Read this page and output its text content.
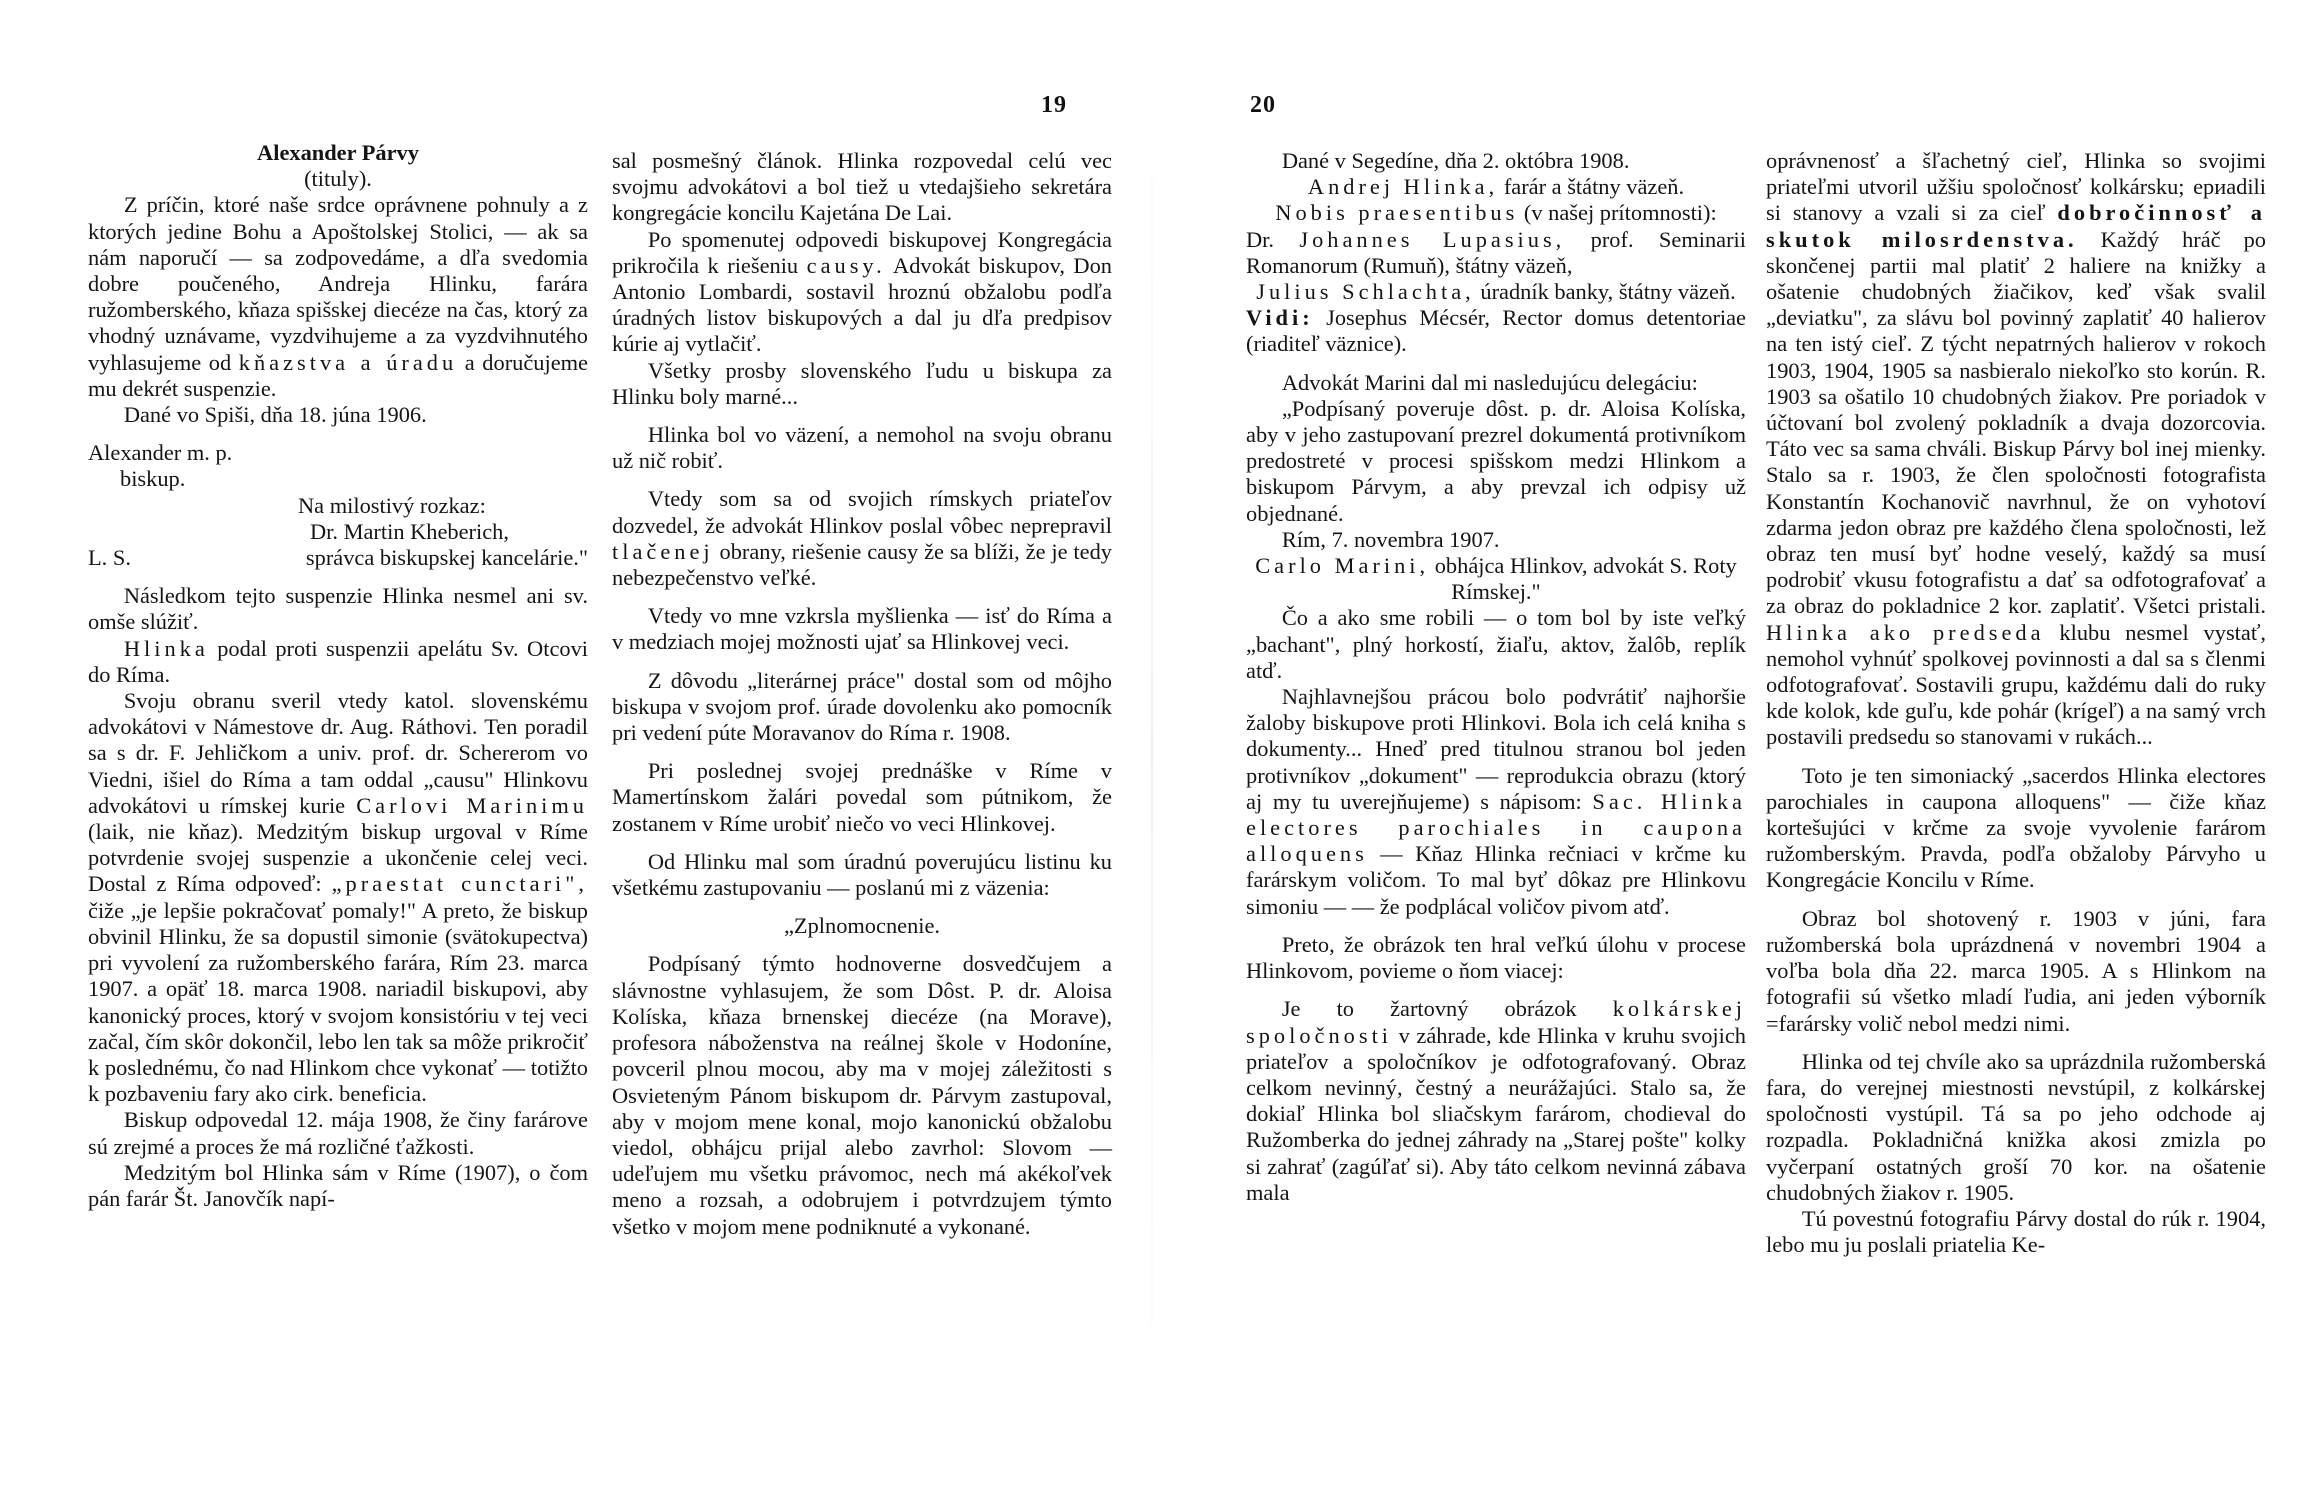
19	20

Alexander Párvy

(tituly).

Z príčin, ktoré naše srdce oprávnene pohnuly a z ktorých jedine Bohu a Apoštolskej Stolici, — ak sa nám naporučí — sa zodpovedáme, a dľa svedomia dobre poučeného, Andreja Hlinku, farára ružomberského, kňaza spišskej diecéze na čas, ktorý za vhodný uznávame, vyzdvihujeme a za vyzdvihnutého vyhlasujeme od kňazstva a úradu a doručujeme mu dekrét suspenzie.

Dané vo Spiši, dňa 18. júna 1906.

Alexander m. p.

biskup.

Na milostivý rozkaz:

Dr. Martin Kheberich,

L. S.	správca biskupskej kancelárie."

Následkom tejto suspenzie Hlinka nesmel ani sv. omše slúžiť.

Hlinka podal proti suspenzii apelátu Sv. Otcovi do Ríma.

Svoju obranu sveril vtedy katol. slovenskému advokátovi v Námestove dr. Aug. Ráthovi. Ten poradil sa s dr. F. Jehličkom a univ. prof. dr. Schererom vo Viedni, išiel do Ríma a tam oddal „causu" Hlinkovu advokátovi u rímskej kurie Carlovi Marinimu (laik, nie kňaz). Medzitým biskup urgoval v Ríme potvrdenie svojej suspenzie a ukončenie celej veci. Dostal z Ríma odpoveď: „praestat cunctari", čiže „je lepšie pokračovať pomaly!" A preto, že biskup obvinil Hlinku, že sa dopustil simonie (svätokupectva) pri vyvolení za ružomberského farára, Rím 23. marca 1907. a opäť 18. marca 1908. nariadil biskupovi, aby kanonický proces, ktorý v svojom konsistóriu v tej veci začal, čím skôr dokončil, lebo len tak sa môže prikročiť k poslednému, čo nad Hlinkom chce vykonať — totižto k pozbaveniu fary ako cirk. beneficia.

Biskup odpovedal 12. mája 1908, že činy farárove sú zrejmé a proces že má rozličné ťažkosti.

Medzitým bol Hlinka sám v Ríme (1907), o čom pán farár Št. Janovčík napí-

sal posmešný článok. Hlinka rozpovedal celú vec svojmu advokátovi a bol tiež u vtedajšieho sekretára kongregácie koncilu Kajetána De Lai.

Po spomenutej odpovedi biskupovej Kongregácia prikročila k riešeniu causy. Advokát biskupov, Don Antonio Lombardi, sostavil hroznú obžalobu podľa úradných listov biskupových a dal ju dľa predpisov kúrie aj vytlačiť.

Všetky prosby slovenského ľudu u biskupa za Hlinku boly marné...

Hlinka bol vo väzení, a nemohol na svoju obranu už nič robiť.

Vtedy som sa od svojich rímskych priateľov dozvedel, že advokát Hlinkov poslal vôbec neprepravil tlačenej obrany, riešenie causy že sa blíži, že je tedy nebezpečenstvo veľké.

Vtedy vo mne vzkrsla myšlienka — isť do Ríma a v medziach mojej možnosti ujať sa Hlinkovej veci.

Z dôvodu „literárnej práce" dostal som od môjho biskupa v svojom prof. úrade dovolenku ako pomocník pri vedení púte Moravanov do Ríma r. 1908.

Pri poslednej svojej prednáške v Ríme v Mamertínskom žalári povedal som pútnikom, že zostanem v Ríme urobiť niečo vo veci Hlinkovej.

Od Hlinku mal som úradnú poverujúcu listinu ku všetkému zastupovaniu — poslanú mi z väzenia:

„Zplnomocnenie.

Podpísaný týmto hodnoverne dosvedčujem a slávnostne vyhlasujem, že som Dôst. P. dr. Aloisa Kolíska, kňaza brnenskej diecéze (na Morave), profesora náboženstva na reálnej škole v Hodoníne, povceril plnou mocou, aby ma v mojej záležitosti s Osvieteným Pánom biskupom dr. Párvym zastupoval, aby v mojom mene konal, mojo kanonickú obžalobu viedol, obhájcu prijal alebo zavrhol: Slovom — udeľujem mu všetku právomoc, nech má akékoľvek meno a rozsah, a odobrujem i potvrdzujem týmto všetko v mojom mene podniknuté a vykonané.

Dané v Segedíne, dňa 2. októbra 1908.

Andrej Hlinka, farár a štátny väzeň.

Nobis praesentibus (v našej prítomnosti):

Dr. Johannes Lupasius, prof. Seminarii Romanorum (Rumuň), štátny väzeň,

Julius Schlachta, úradník banky, štátny väzeň.

Vidi: Josephus Mécsér, Rector domus detentoriae (riaditeľ väznice).

Advokát Marini dal mi nasledujúcu delegáciu:

„Podpísaný poveruje dôst. p. dr. Aloisa Kolíska, aby v jeho zastupovaní prezrel dokumentá protivníkom predostreté v procesi spišskom medzi Hlinkom a biskupom Párvym, a aby prevzal ich odpisy už objednané.

Rím, 7. novembra 1907.

Carlo Marini, obhájca Hlinkov, advokát S. Roty Rímskej."

Čo a ako sme robili — o tom bol by iste veľký „bachant", plný horkostí, žiaľu, aktov, žalôb, replík atď.

Najhlavnejšou prácou bolo podvrátiť najhoršie žaloby biskupove proti Hlinkovi. Bola ich celá kniha s dokumenty... Hneď pred titulnou stranou bol jeden protivníkov „dokument" — reprodukcia obrazu (ktorý aj my tu uverejňujeme) s nápisom: Sac. Hlinka electores parochiales in caupona alloquens — Kňaz Hlinka rečniaci v krčme ku farárskym voličom. To mal byť dôkaz pre Hlinkovu simoniu — — že podplácal voličov pivom atď.

Preto, že obrázok ten hral veľkú úlohu v procese Hlinkovom, povieme o ňom viacej:

Je to žartovný obrázok kolkárskej spoločnosti v záhrade, kde Hlinka v kruhu svojich priateľov a spoločníkov je odfotografovaný. Obraz celkom nevinný, čestný a neurážajúci. Stalo sa, že dokiaľ Hlinka bol sliačskym farárom, chodieval do Ružomberka do jednej záhrady na „Starej pošte" kolky si zahrať (zagúľať si). Aby táto celkom nevinná zábava mala

oprávnenosť a šľachetný cieľ, Hlinka so svojimi priateľmi utvoril užšiu spoločnosť kolkársku; ериadili si stanovy a vzali si za cieľ dobročinnosť a skutok milosrdenstva. Každý hráč po skončenej partii mal platiť 2 haliere na knižky a ošatenie chudobných žiačikov, keď však svalil „deviatku", za slávu bol povinný zaplatiť 40 halierov na ten istý cieľ. Z týcht nepatrných halierov v rokoch 1903, 1904, 1905 sa nasbieralo niekoľko sto korún. R. 1903 sa ošatilo 10 chudobných žiakov. Pre poriadok v účtovaní bol zvolený pokladník a dvaja dozorcovia. Táto vec sa samа chváli. Biskup Párvy bol inej mienky. Stalo sa r. 1903, že člen spoločnosti fotografista Konstantín Kochanovič navrhnul, že on vyhotoví zdarma jedon obraz pre každého člena spoločnosti, lež obraz ten musí byť hodne veselý, každý sa musí podrobiť vkusu fotografistu a dať sa odfotografovať a za obraz do pokladnice 2 kor. zaplatiť. Všetci pristali. Hlinka ako predseda klubu nesmel vystať, nemohol vyhnúť spolkovej povinnosti a dal sa s členmi odfotografovať. Sostavili grupu, každému dali do ruky kde kolok, kde guľu, kde pohár (krígeľ) a na samý vrch postavili predsedu so stanovami v rukách...

Toto je ten simoniacký „sacerdos Hlinka electores parochiales in caupona alloquens" — čiže kňaz kortešujúci v krčme za svoje vyvolenie farárom ružomberským. Pravda, podľa obžaloby Párvyho u Kongregácie Koncilu v Ríme.

Obraz bol shotovený r. 1903 v júni, fara ružomberská bola uprázdnená v novembri 1904 a voľba bola dňa 22. marca 1905. A s Hlinkom na fotografii sú všetko mladí ľudia, ani jeden výborník =farársky volič nebol medzi nimi.

Hlinka od tej chvíle ako sa uprázdnila ružomberská fara, do verejnej miestnosti nevstúpil, z kolkárskej spoločnosti vystúpil. Tá sa po jeho odchode aj rozpadla. Pokladničná knižka akosi zmizla po vyčerpaní ostatných groší 70 kor. na ošatenie chudobných žiakov r. 1905.

Tú povestnú fotografiu Párvy dostal do rúk r. 1904, lebo mu ju poslali priatelia Ke-
